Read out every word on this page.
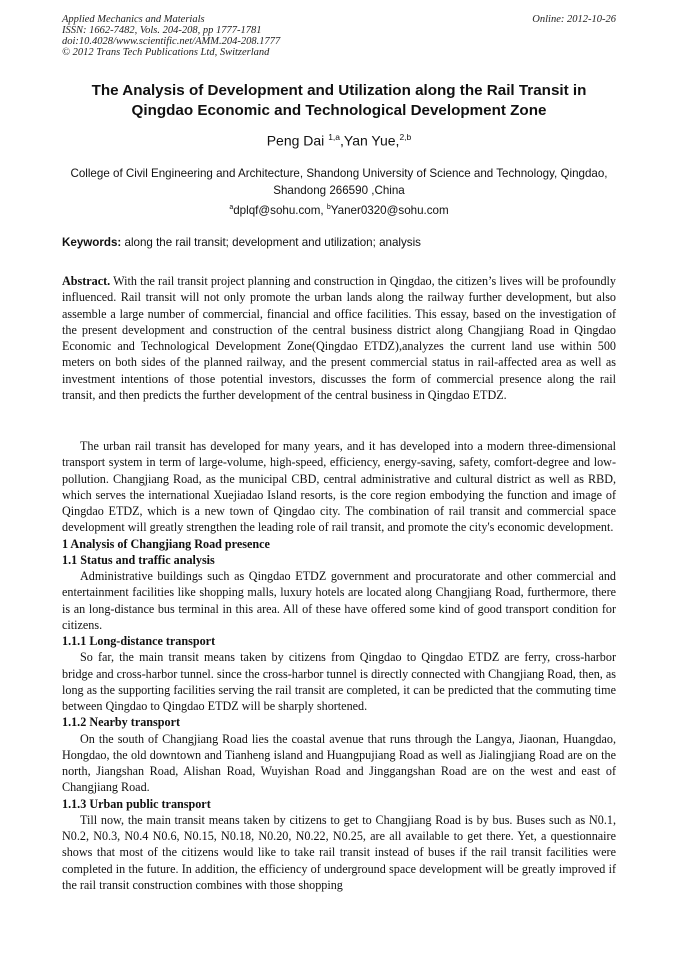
Applied Mechanics and Materials
ISSN: 1662-7482, Vols. 204-208, pp 1777-1781
doi:10.4028/www.scientific.net/AMM.204-208.1777
© 2012 Trans Tech Publications Ltd, Switzerland
Online: 2012-10-26
The Analysis of Development and Utilization along the Rail Transit in Qingdao Economic and Technological Development Zone
Peng Dai $^{1,a}$,Yan Yue,$^{2,b}$
College of Civil Engineering and Architecture, Shandong University of Science and Technology, Qingdao, Shandong 266590 ,China
$^a$dplqf@sohu.com, $^b$Yaner0320@sohu.com
Keywords: along the rail transit; development and utilization; analysis

Abstract. With the rail transit project planning and construction in Qingdao, the citizen’s lives will be profoundly influenced. Rail transit will not only promote the urban lands along the railway further development, but also assemble a large number of commercial, financial and office facilities. This essay, based on the investigation of the present development and construction of the central business district along Changjiang Road in Qingdao Economic and Technological Development Zone(Qingdao ETDZ),analyzes the current land use within 500 meters on both sides of the planned railway, and the present commercial status in rail-affected area as well as investment intentions of those potential investors, discusses the form of commercial presence along the rail transit, and then predicts the further development of the central business in Qingdao ETDZ.

The urban rail transit has developed for many years, and it has developed into a modern three-dimensional transport system in term of large-volume, high-speed, efficiency, energy-saving, safety, comfort-degree and low-pollution. Changjiang Road, as the municipal CBD, central administrative and cultural district as well as RBD, which serves the international Xuejiadao Island resorts, is the core region embodying the function and image of Qingdao ETDZ, which is a new town of Qingdao city. The combination of rail transit and commercial space development will greatly strengthen the leading role of rail transit, and promote the city's economic development.

1 Analysis of Changjiang Road presence

1.1 Status and traffic analysis

Administrative buildings such as Qingdao ETDZ government and procuratorate and other commercial and entertainment facilities like shopping malls, luxury hotels are located along Changjiang Road, furthermore, there is an long-distance bus terminal in this area. All of these have offered some kind of good transport condition for citizens.

1.1.1 Long-distance transport

So far, the main transit means taken by citizens from Qingdao to Qingdao ETDZ are ferry, cross-harbor bridge and cross-harbor tunnel. since the cross-harbor tunnel is directly connected with Changjiang Road, then, as long as the supporting facilities serving the rail transit are completed, it can be predicted that the commuting time between Qingdao to Qingdao ETDZ will be sharply shortened.

1.1.2 Nearby transport

On the south of Changjiang Road lies the coastal avenue that runs through the Langya, Jiaonan, Huangdao, Hongdao, the old downtown and Tianheng island and Huangpujiang Road as well as Jialingjiang Road are on the north, Jiangshan Road, Alishan Road, Wuyishan Road and Jinggangshan Road are on the west and east of Changjiang Road.

1.1.3 Urban public transport

Till now, the main transit means taken by citizens to get to Changjiang Road is by bus. Buses such as N0.1, N0.2, N0.3, N0.4 N0.6, N0.15, N0.18, N0.20, N0.22, N0.25, are all available to get there. Yet, a questionnaire shows that most of the citizens would like to take rail transit instead of buses if the rail transit facilities were completed in the future. In addition, the efficiency of underground space development will be greatly improved if the rail transit construction combines with those shopping
